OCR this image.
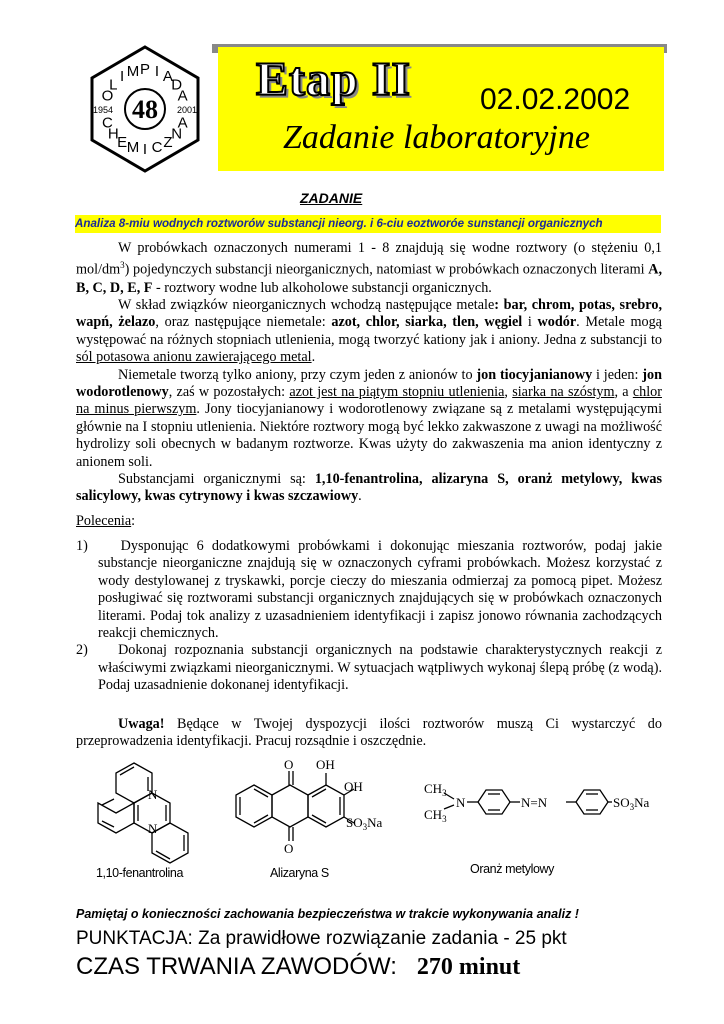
48
1954	2001
O
L I M P I A
D
A
C
H
E M I C Z
N
A
Etap II 02.02.2002
Zadanie laboratoryjne
ZADANIE
Analiza 8-miu wodnych roztworów substancji nieorg. i 6-ciu eoztworóe sunstancji organicznych
W probówkach oznaczonych numerami 1 - 8 znajdują się wodne roztwory (o stężeniu 0,1 mol/$dm^3$) pojedynczych substancji nieorganicznych, natomiast w probówkach oznaczonych literami A, B, C, D, E, F - roztwory wodne lub alkoholowe substancji organicznych.
W skład związków nieorganicznych wchodzą następujące metale: bar, chrom, potas, srebro, wapń, żelazo, oraz następujące niemetale: azot, chlor, siarka, tlen, węgiel i wodór. Metale mogą występować na różnych stopniach utlenienia, mogą tworzyć kationy jak i aniony. Jedna z substancji to sól potasowa anionu zawierającego metal.
Niemetale tworzą tylko aniony, przy czym jeden z anionów to jon tiocyjanianowy i jeden: jon wodorotlenowy, zaś w pozostałych: azot jest na piątym stopniu utlenienia, siarka na szóstym, a chlor na minus pierwszym. Jony tiocyjanianowy i wodorotlenowy związane są z metalami występującymi głównie na I stopniu utlenienia. Niektóre roztwory mogą być lekko zakwaszone z uwagi na możliwość hydrolizy soli obecnych w badanym roztworze. Kwas użyty do zakwaszenia ma anion identyczny z anionem soli.
Substancjami organicznymi są: 1,10-fenantrolina, alizaryna S, oranż metylowy, kwas salicylowy, kwas cytrynowy i kwas szczawiowy.
Polecenia:
1) Dysponując 6 dodatkowymi probówkami i dokonując mieszania roztworów, podaj jakie substancje nieorganiczne znajdują się w oznaczonych cyframi probówkach. Możesz korzystać z wody destylowanej z tryskawki, porcje cieczy do mieszania odmierzaj za pomocą pipet. Możesz posługiwać się roztworami substancji organicznych znajdujących się w probówkach oznaczonych literami. Podaj tok analizy z uzasadnieniem identyfikacji i zapisz jonowo równania zachodzących reakcji chemicznych.
2) Dokonaj rozpoznania substancji organicznych na podstawie charakterystycznych reakcji z właściwymi związkami nieorganicznymi. W sytuacjach wątpliwych wykonaj ślepą próbę (z wodą). Podaj uzasadnienie dokonanej identyfikacji.
Uwaga! Będące w Twojej dyspozycji ilości roztworów muszą Ci wystarczyć do przeprowadzenia identyfikacji. Pracuj rozsądnie i oszczędnie.
N
N
O OH
OH
O
$SO_3Na$
$CH_3$
N
$CH_3$
N=N	$SO_3Na$
1,10-fenantrolina	Alizaryna S	Oranż metylowy
Pamiętaj o konieczności zachowania bezpieczeństwa w trakcie wykonywania analiz !
PUNKTACJA: Za prawidłowe rozwiązanie zadania - 25 pkt
CZAS TRWANIA ZAWODÓW: 270 minut
